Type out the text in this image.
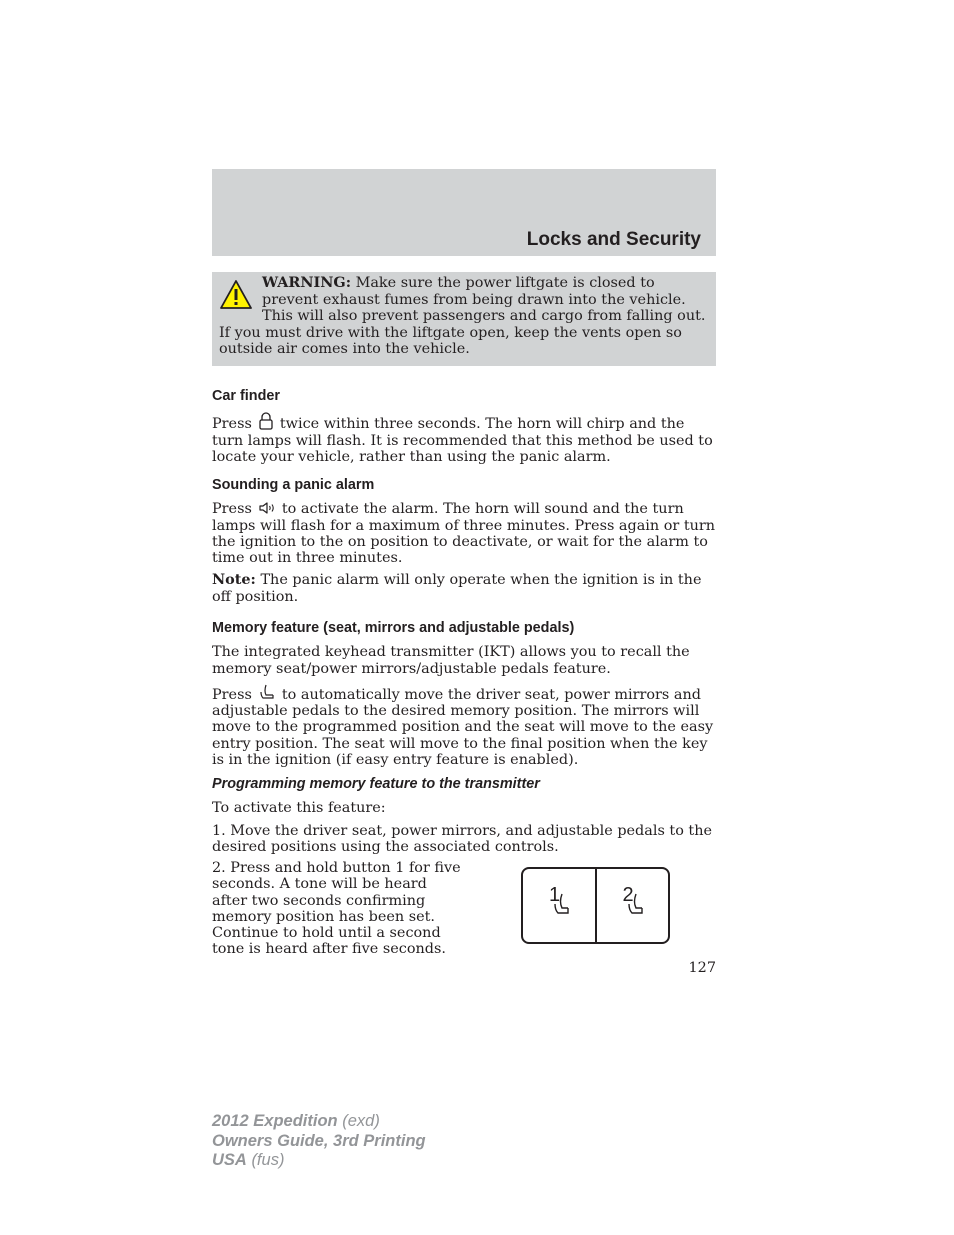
Locks and Security
WARNING: Make sure the power liftgate is closed to prevent exhaust fumes from being drawn into the vehicle. This will also prevent passengers and cargo from falling out. If you must drive with the liftgate open, keep the vents open so outside air comes into the vehicle.
Car finder

Press twice within three seconds. The horn will chirp and the turn lamps will flash. It is recommended that this method be used to locate your vehicle, rather than using the panic alarm.

Sounding a panic alarm

Press to activate the alarm. The horn will sound and the turn lamps will flash for a maximum of three minutes. Press again or turn the ignition to the on position to deactivate, or wait for the alarm to time out in three minutes.

Note: The panic alarm will only operate when the ignition is in the off position.

Memory feature (seat, mirrors and adjustable pedals)

The integrated keyhead transmitter (IKT) allows you to recall the memory seat/power mirrors/adjustable pedals feature.

Press to automatically move the driver seat, power mirrors and adjustable pedals to the desired memory position. The mirrors will move to the programmed position and the seat will move to the easy entry position. The seat will move to the final position when the key is in the ignition (if easy entry feature is enabled).

Programming memory feature to the transmitter

To activate this feature:

1. Move the driver seat, power mirrors, and adjustable pedals to the desired positions using the associated controls.

2. Press and hold button 1 for five seconds. A tone will be heard after two seconds confirming memory position has been set. Continue to hold until a second tone is heard after five seconds.

1	2
127
2012 Expedition (exd)
Owners Guide, 3rd Printing
USA (fus)
